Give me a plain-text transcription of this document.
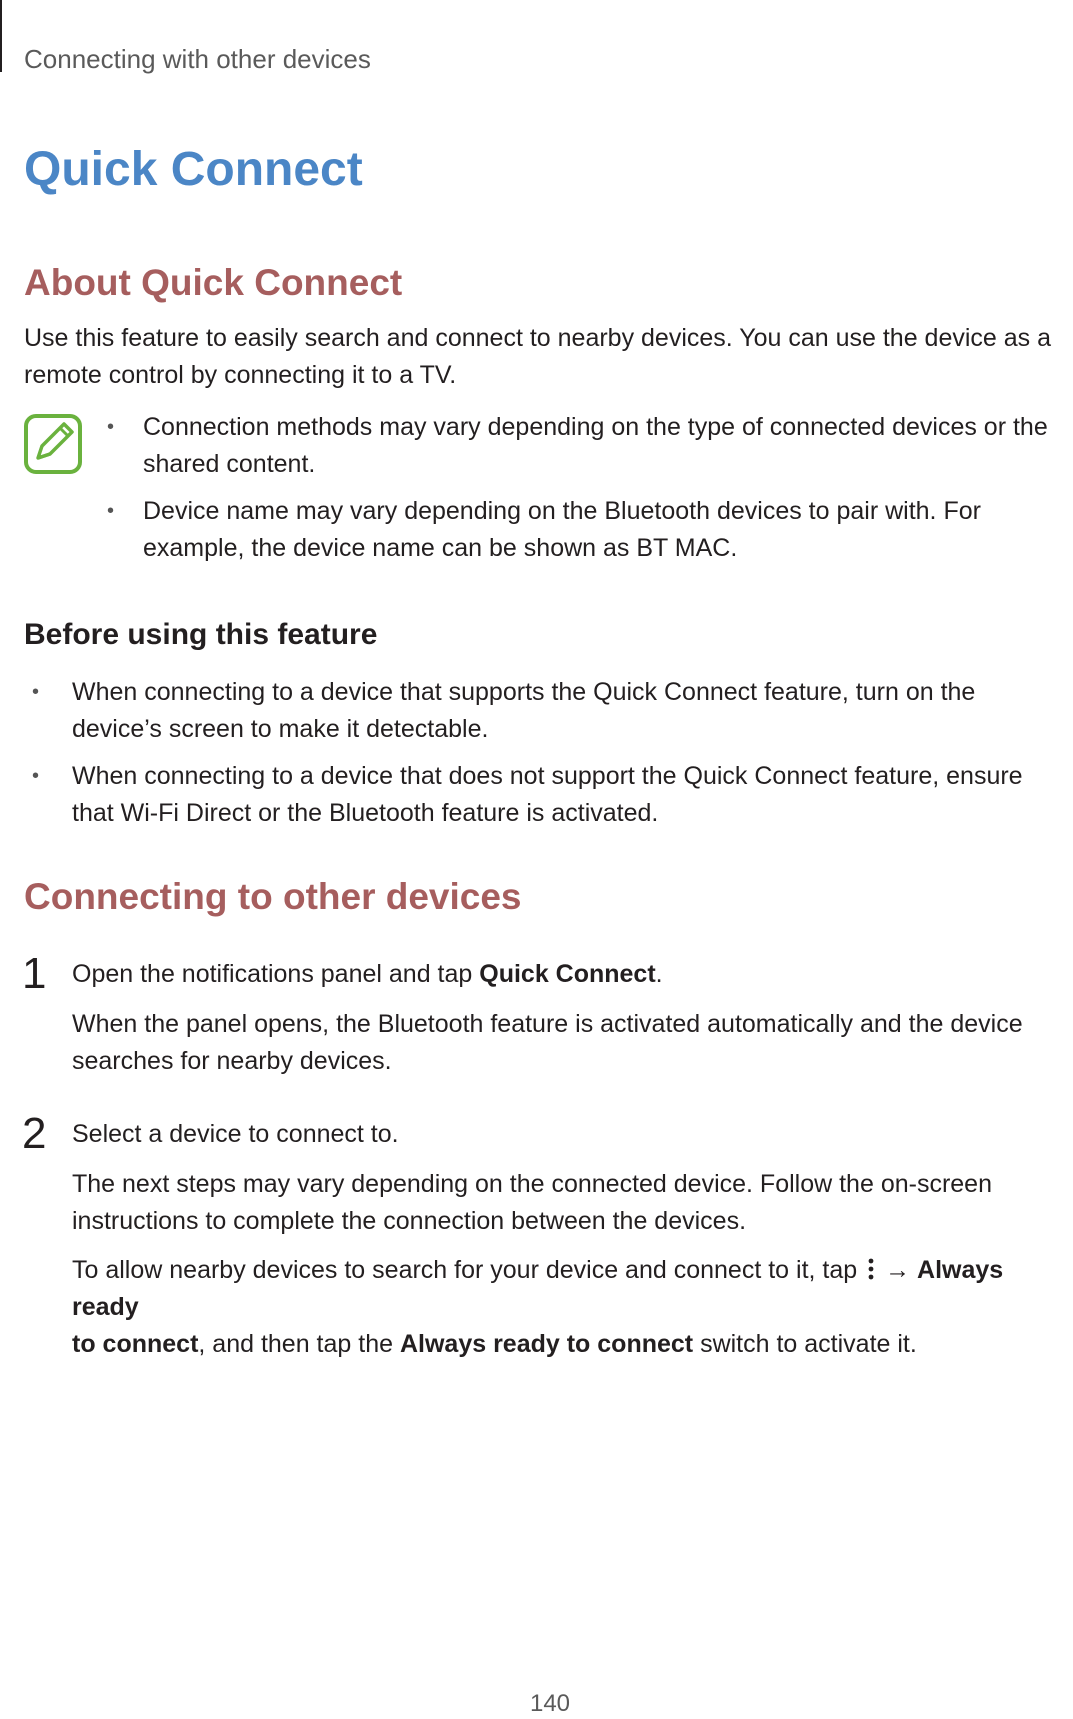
Connecting with other devices
Quick Connect
About Quick Connect

Use this feature to easily search and connect to nearby devices. You can use the device as a
remote control by connecting it to a TV.

• Connection methods may vary depending on the type of connected devices or the
shared content.
• Device name may vary depending on the Bluetooth devices to pair with. For
example, the device name can be shown as BT MAC.
Before using this feature
• When connecting to a device that supports the Quick Connect feature, turn on the
device’s screen to make it detectable.
• When connecting to a device that does not support the Quick Connect feature, ensure
that Wi-Fi Direct or the Bluetooth feature is activated.
Connecting to other devices
1 Open the notifications panel and tap Quick Connect.

When the panel opens, the Bluetooth feature is activated automatically and the device
searches for nearby devices.

2 Select a device to connect to.

The next steps may vary depending on the connected device. Follow the on-screen
instructions to complete the connection between the devices.

To allow nearby devices to search for your device and connect to it, tap → Always ready
to connect, and then tap the Always ready to connect switch to activate it.

140
